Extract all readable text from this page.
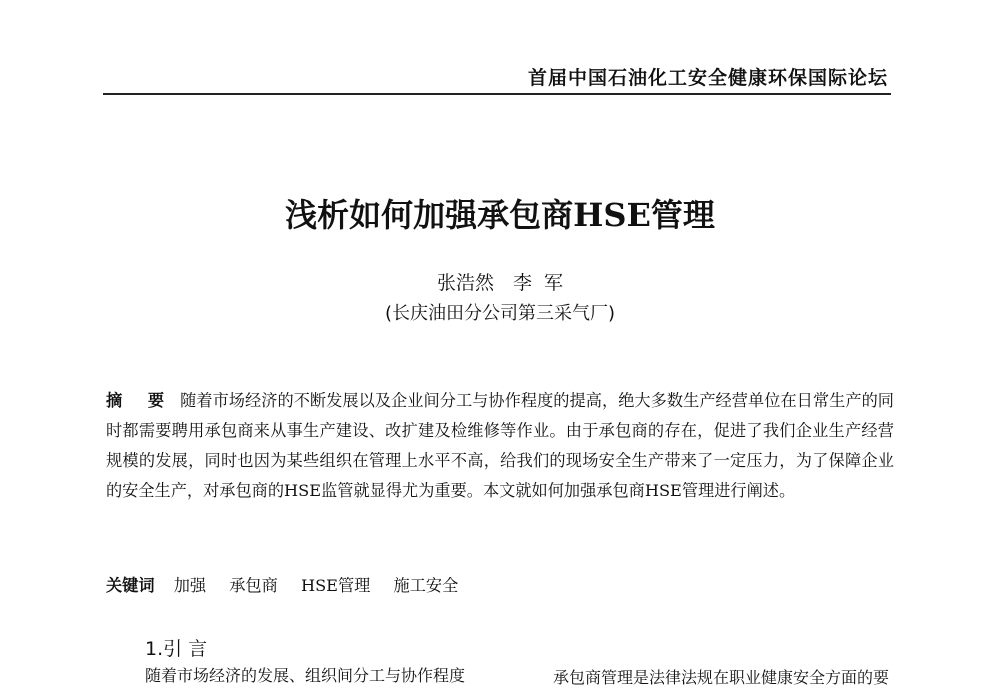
首届中国石油化工安全健康环保国际论坛
浅析如何加强承包商HSE管理
张浩然　李 军
(长庆油田分公司第三采气厂)

摘 要 随着市场经济的不断发展以及企业间分工与协作程度的提高，绝大多数生产经营单位在日常生产的同时都需要聘用承包商来从事生产建设、改扩建及检维修等作业。由于承包商的存在，促进了我们企业生产经营规模的发展，同时也因为某些组织在管理上水平不高，给我们的现场安全生产带来了一定压力，为了保障企业的安全生产，对承包商的HSE监管就显得尤为重要。本文就如何加强承包商HSE管理进行阐述。

关键词 加强 承包商 HSE管理 施工安全
1.引 言
随着市场经济的发展、组织间分工与协作程度	承包商管理是法律法规在职业健康安全方面的要
